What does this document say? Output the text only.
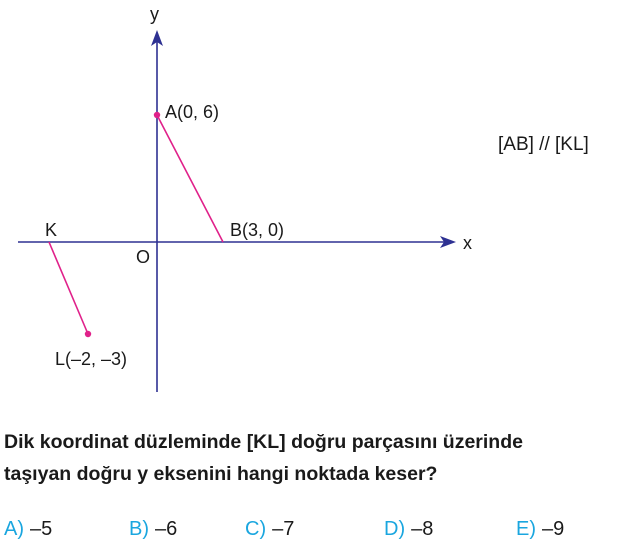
y
x
O
A(0, 6)
B(3, 0)
K
L(–2, –3)
[AB] // [KL]
Dik koordinat düzleminde [KL] doğru parçasını üzerinde
taşıyan doğru y eksenini hangi noktada keser?
A) –5	B) –6	C) –7	D) –8	E) –9
